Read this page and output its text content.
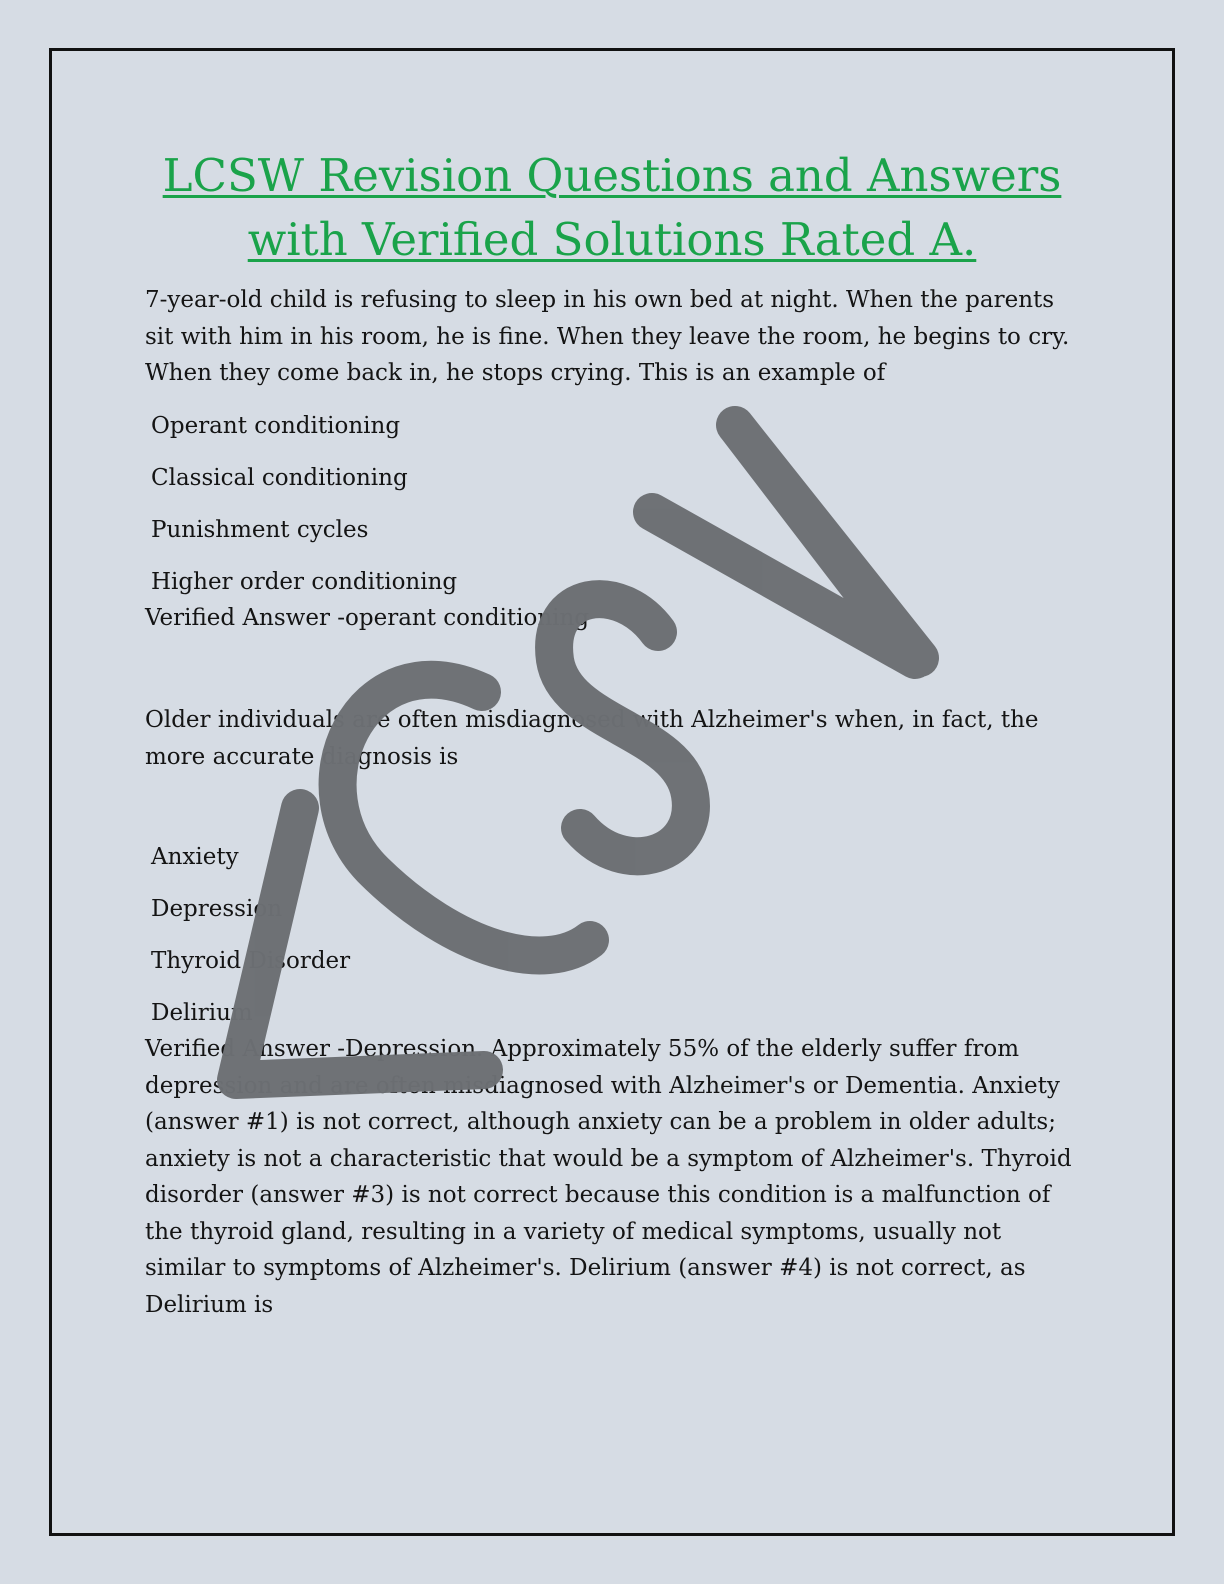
LCSW Revision Questions and Answers
with Verified Solutions Rated A.

7-year-old child is refusing to sleep in his own bed at night. When the parents sit with him in his room, he is fine. When they leave the room, he begins to cry. When they come back in, he stops crying. This is an example of

Operant conditioning
Classical conditioning
Punishment cycles
Higher order conditioning

Verified Answer -operant conditioning

Older individuals are often misdiagnosed with Alzheimer's when, in fact, the more accurate diagnosis is

Anxiety
Depression
Thyroid Disorder
Delirium

Verified Answer -Depression. Approximately 55% of the elderly suffer from depression and are often misdiagnosed with Alzheimer's or Dementia. Anxiety (answer #1) is not correct, although anxiety can be a problem in older adults; anxiety is not a characteristic that would be a symptom of Alzheimer's. Thyroid disorder (answer #3) is not correct because this condition is a malfunction of the thyroid gland, resulting in a variety of medical symptoms, usually not similar to symptoms of Alzheimer's. Delirium (answer #4) is not correct, as Delirium is
